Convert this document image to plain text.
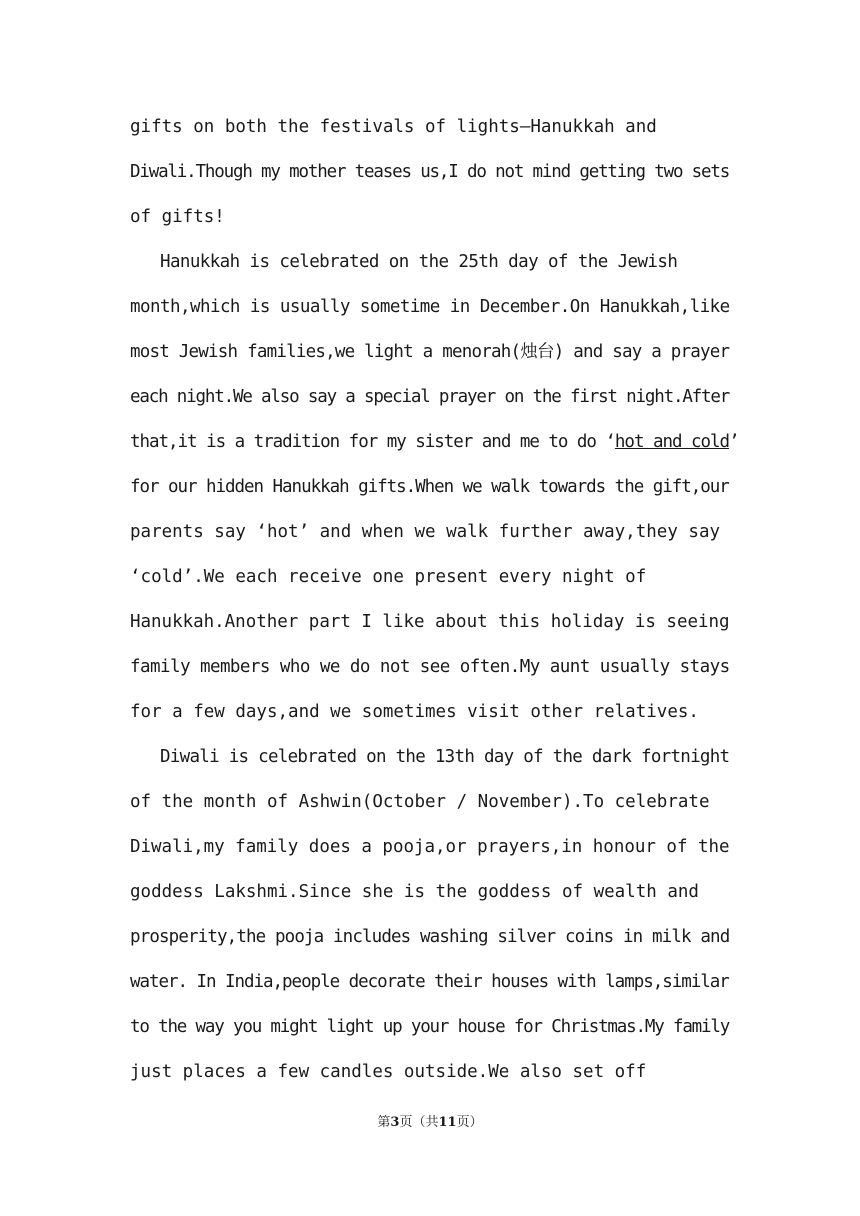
gifts on both the festivals of lights—Hanukkah and
Diwali.Though my mother teases us,I do not mind getting two sets
of gifts!
Hanukkah is celebrated on the 25th day of the Jewish
month,which is usually sometime in December.On Hanukkah,like
most Jewish families,we light a menorah(烛台) and say a prayer
each night.We also say a special prayer on the first night.After
that,it is a tradition for my sister and me to do ‘hot and cold’
for our hidden Hanukkah gifts.When we walk towards the gift,our
parents say ‘hot’ and when we walk further away,they say
‘cold’.We each receive one present every night of
Hanukkah.Another part I like about this holiday is seeing
family members who we do not see often.My aunt usually stays
for a few days,and we sometimes visit other relatives.
Diwali is celebrated on the 13th day of the dark fortnight
of the month of Ashwin(October / November).To celebrate
Diwali,my family does a pooja,or prayers,in honour of the
goddess Lakshmi.Since she is the goddess of wealth and
prosperity,the pooja includes washing silver coins in milk and
water. In India,people decorate their houses with lamps,similar
to the way you might light up your house for Christmas.My family
just places a few candles outside.We also set off
第3页（共11页）
